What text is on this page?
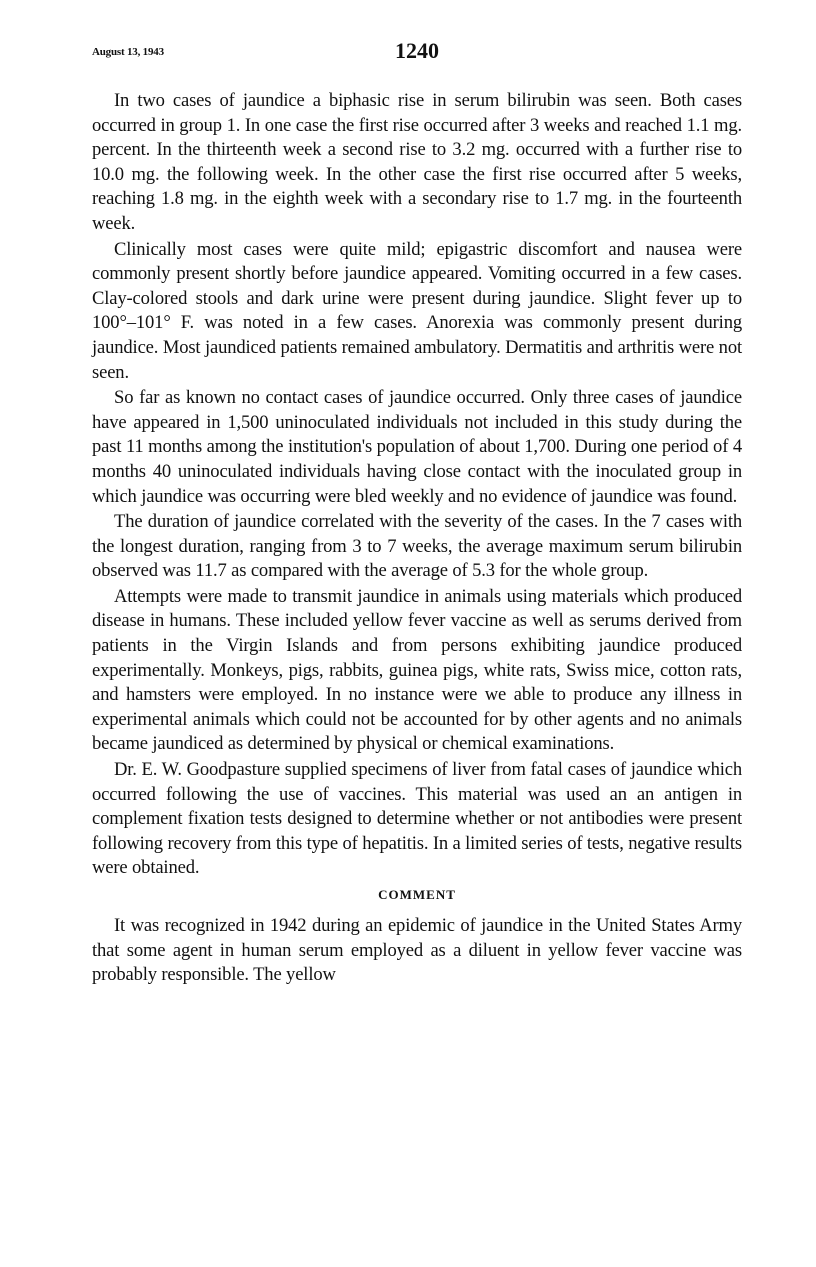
August 13, 1943	1240

In two cases of jaundice a biphasic rise in serum bilirubin was seen. Both cases occurred in group 1. In one case the first rise occurred after 3 weeks and reached 1.1 mg. percent. In the thirteenth week a second rise to 3.2 mg. occurred with a further rise to 10.0 mg. the following week. In the other case the first rise occurred after 5 weeks, reaching 1.8 mg. in the eighth week with a secondary rise to 1.7 mg. in the fourteenth week.

Clinically most cases were quite mild; epigastric discomfort and nausea were commonly present shortly before jaundice appeared. Vomiting occurred in a few cases. Clay-colored stools and dark urine were present during jaundice. Slight fever up to 100°–101° F. was noted in a few cases. Anorexia was commonly present during jaundice. Most jaundiced patients remained ambulatory. Dermatitis and arthritis were not seen.

So far as known no contact cases of jaundice occurred. Only three cases of jaundice have appeared in 1,500 uninoculated individuals not included in this study during the past 11 months among the institution's population of about 1,700. During one period of 4 months 40 uninoculated individuals having close contact with the inoculated group in which jaundice was occurring were bled weekly and no evidence of jaundice was found.

The duration of jaundice correlated with the severity of the cases. In the 7 cases with the longest duration, ranging from 3 to 7 weeks, the average maximum serum bilirubin observed was 11.7 as compared with the average of 5.3 for the whole group.

Attempts were made to transmit jaundice in animals using materials which produced disease in humans. These included yellow fever vaccine as well as serums derived from patients in the Virgin Islands and from persons exhibiting jaundice produced experimentally. Monkeys, pigs, rabbits, guinea pigs, white rats, Swiss mice, cotton rats, and hamsters were employed. In no instance were we able to produce any illness in experimental animals which could not be accounted for by other agents and no animals became jaundiced as determined by physical or chemical examinations.

Dr. E. W. Goodpasture supplied specimens of liver from fatal cases of jaundice which occurred following the use of vaccines. This material was used an an antigen in complement fixation tests designed to determine whether or not antibodies were present following recovery from this type of hepatitis. In a limited series of tests, negative results were obtained.

COMMENT

It was recognized in 1942 during an epidemic of jaundice in the United States Army that some agent in human serum employed as a diluent in yellow fever vaccine was probably responsible. The yellow
